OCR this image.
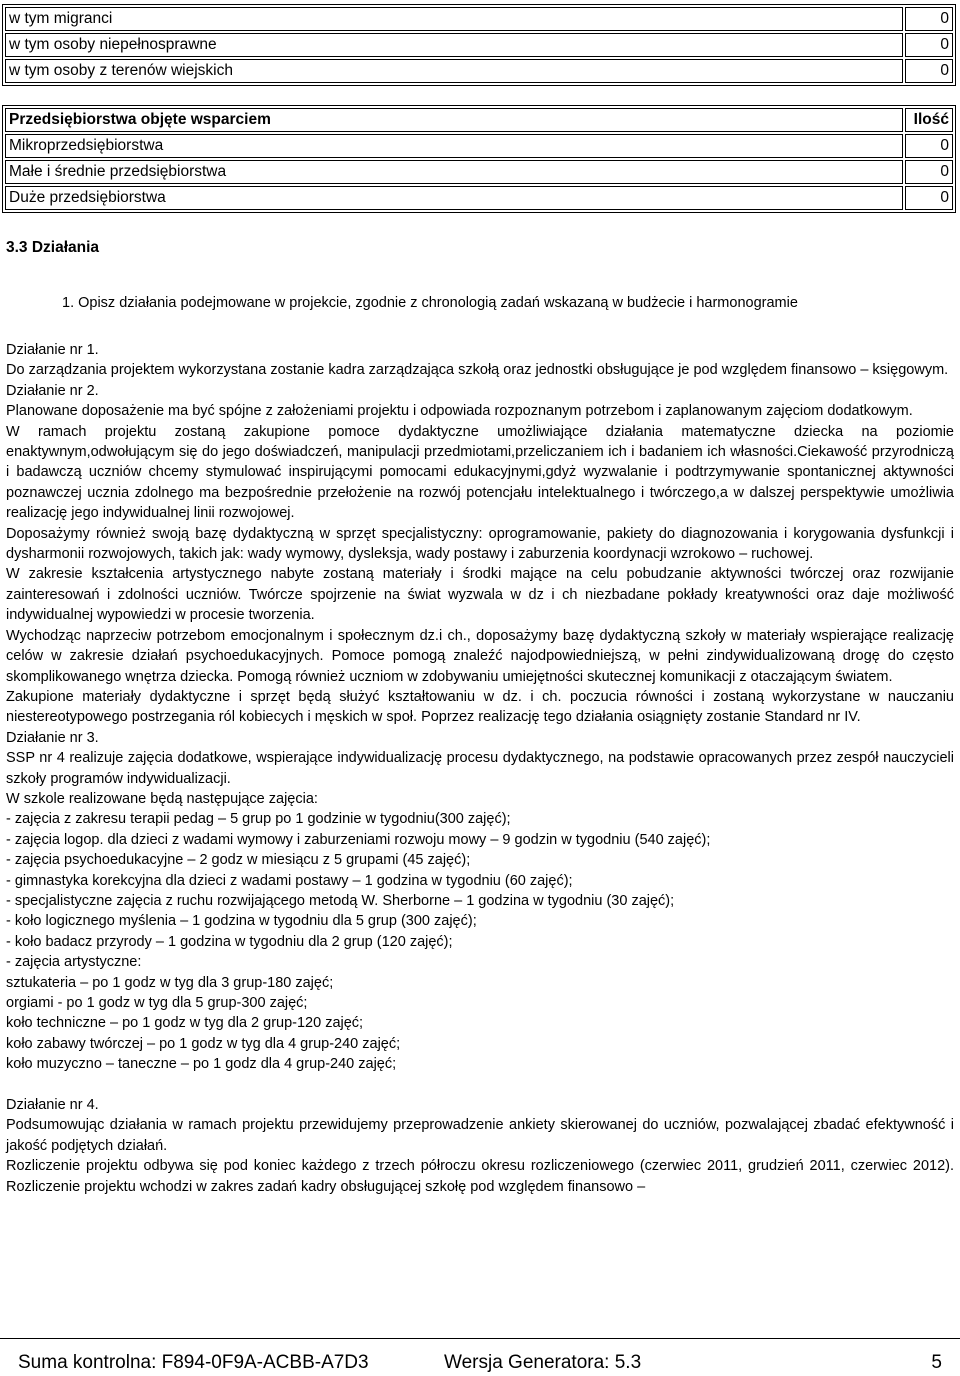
w tym migranci	0
w tym osoby niepełnosprawne	0
w tym osoby z terenów wiejskich	0
Przedsiębiorstwa objęte wsparciem	Ilość
Mikroprzedsiębiorstwa	0
Małe i średnie przedsiębiorstwa	0
Duże przedsiębiorstwa	0
3.3 Działania
1. Opisz działania podejmowane w projekcie, zgodnie z chronologią zadań wskazaną w budżecie i harmonogramie

Działanie nr 1.

Do zarządzania projektem wykorzystana zostanie kadra zarządzająca szkołą oraz jednostki obsługujące je pod względem finansowo – księgowym.

Działanie nr 2.

Planowane doposażenie ma być spójne z założeniami projektu i odpowiada rozpoznanym potrzebom i zaplanowanym zajęciom dodatkowym.

W ramach projektu zostaną zakupione pomoce dydaktyczne umożliwiające działania matematyczne dziecka na poziomie enaktywnym,odwołującym się do jego doświadczeń, manipulacji przedmiotami,przeliczaniem ich i badaniem ich własności.Ciekawość przyrodniczą i badawczą uczniów chcemy stymulować inspirującymi pomocami edukacyjnymi,gdyż wyzwalanie i podtrzymywanie spontanicznej aktywności poznawczej ucznia zdolnego ma bezpośrednie przełożenie na rozwój potencjału intelektualnego i twórczego,a w dalszej perspektywie umożliwia realizację jego indywidualnej linii rozwojowej.

Doposażymy również swoją bazę dydaktyczną w sprzęt specjalistyczny: oprogramowanie, pakiety do diagnozowania i korygowania dysfunkcji i dysharmonii rozwojowych, takich jak: wady wymowy, dysleksja, wady postawy i zaburzenia koordynacji wzrokowo – ruchowej.

W zakresie kształcenia artystycznego nabyte zostaną materiały i środki mające na celu pobudzanie aktywności twórczej oraz rozwijanie zainteresowań i zdolności uczniów. Twórcze spojrzenie na świat wyzwala w dz i ch niezbadane pokłady kreatywności oraz daje możliwość indywidualnej wypowiedzi w procesie tworzenia.

Wychodząc naprzeciw potrzebom emocjonalnym i społecznym dz.i ch., doposażymy bazę dydaktyczną szkoły w materiały wspierające realizację celów w zakresie działań psychoedukacyjnych. Pomoce pomogą znaleźć najodpowiedniejszą, w pełni zindywidualizowaną drogę do często skomplikowanego wnętrza dziecka. Pomogą również uczniom w zdobywaniu umiejętności skutecznej komunikacji z otaczającym światem.

Zakupione materiały dydaktyczne i sprzęt będą służyć kształtowaniu w dz. i ch. poczucia równości i zostaną wykorzystane w nauczaniu niestereotypowego postrzegania ról kobiecych i męskich w społ. Poprzez realizację tego działania osiągnięty zostanie Standard nr IV.

Działanie nr 3.

SSP nr 4 realizuje zajęcia dodatkowe, wspierające indywidualizację procesu dydaktycznego, na podstawie opracowanych przez zespół nauczycieli szkoły programów indywidualizacji.

W szkole realizowane będą następujące zajęcia:

- zajęcia z zakresu terapii pedag – 5 grup po 1 godzinie w tygodniu(300 zajęć);

- zajęcia logop. dla dzieci z wadami wymowy i zaburzeniami rozwoju mowy – 9 godzin w tygodniu (540 zajęć);

- zajęcia psychoedukacyjne – 2 godz w miesiącu z 5 grupami (45 zajęć);

- gimnastyka korekcyjna dla dzieci z wadami postawy – 1 godzina w tygodniu (60 zajęć);

- specjalistyczne zajęcia z ruchu rozwijającego metodą W. Sherborne – 1 godzina w tygodniu (30 zajęć);

- koło logicznego myślenia – 1 godzina w tygodniu dla 5 grup (300 zajęć);

- koło badacz przyrody – 1 godzina w tygodniu dla 2 grup (120 zajęć);

- zajęcia artystyczne:

sztukateria – po 1 godz w tyg dla 3 grup-180 zajęć;

orgiami - po 1 godz w tyg dla 5 grup-300 zajęć;

koło techniczne – po 1 godz w tyg dla 2 grup-120 zajęć;

koło zabawy twórczej – po 1 godz w tyg dla 4 grup-240 zajęć;

koło muzyczno – taneczne – po 1 godz dla 4 grup-240 zajęć;

Działanie nr 4.

Podsumowując działania w ramach projektu przewidujemy przeprowadzenie ankiety skierowanej do uczniów, pozwalającej zbadać efektywność i jakość podjętych działań.

Rozliczenie projektu odbywa się pod koniec każdego z trzech półroczu okresu rozliczeniowego (czerwiec 2011, grudzień 2011, czerwiec 2012). Rozliczenie projektu wchodzi w zakres zadań kadry obsługującej szkołę pod względem finansowo –

Suma kontrolna: F894-0F9A-ACBB-A7D3	Wersja Generatora: 5.3	5
